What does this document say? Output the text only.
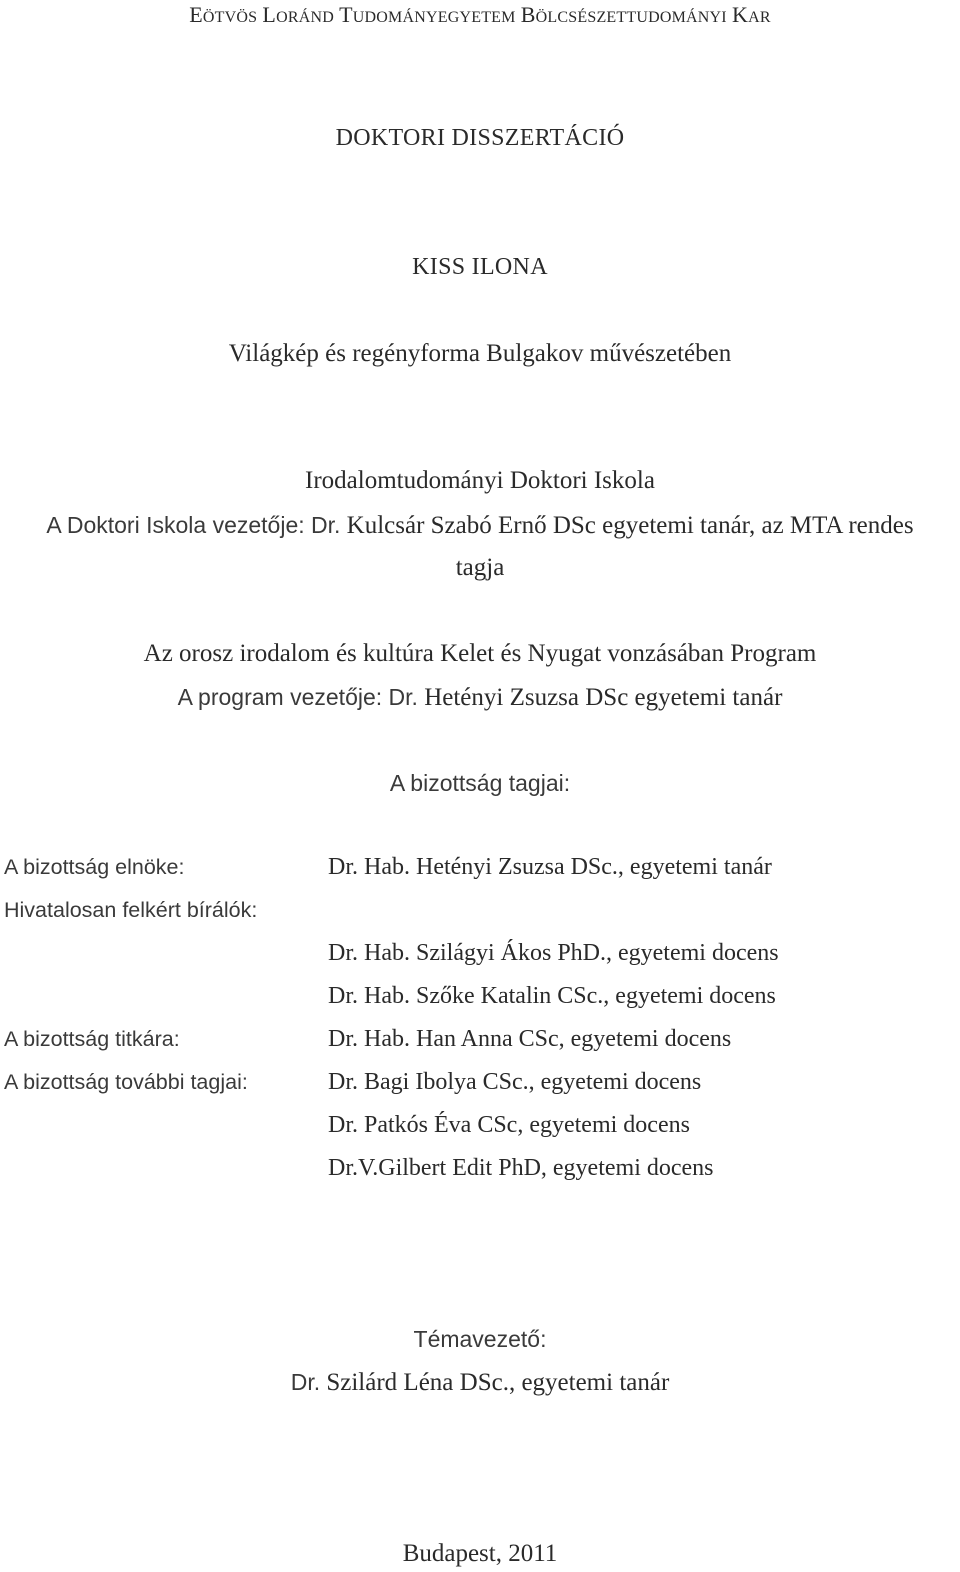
EÖTVÖS LORÁND TUDOMÁNYEGYETEM BÖLCSÉSZETTUDOMÁNYI KAR
DOKTORI DISSZERTÁCIÓ
KISS ILONA
Világkép és regényforma Bulgakov művészetében
Irodalomtudományi Doktori Iskola
A Doktori Iskola vezetője: Dr. Kulcsár Szabó Ernő DSc egyetemi tanár, az MTA rendes
tagja
Az orosz irodalom és kultúra Kelet és Nyugat vonzásában Program
A program vezetője: Dr. Hetényi Zsuzsa DSc egyetemi tanár
A bizottság tagjai:
A bizottság elnöke:	Dr. Hab. Hetényi Zsuzsa DSc., egyetemi tanár
Hivatalosan felkért bírálók:
Dr. Hab. Szilágyi Ákos PhD., egyetemi docens
Dr. Hab. Szőke Katalin CSc., egyetemi docens
A bizottság titkára:	Dr. Hab. Han Anna CSc, egyetemi docens
A bizottság további tagjai:	Dr. Bagi Ibolya CSc., egyetemi docens
Dr. Patkós Éva CSc, egyetemi docens
Dr.V.Gilbert Edit PhD, egyetemi docens
Témavezető:
Dr. Szilárd Léna DSc., egyetemi tanár
Budapest, 2011
